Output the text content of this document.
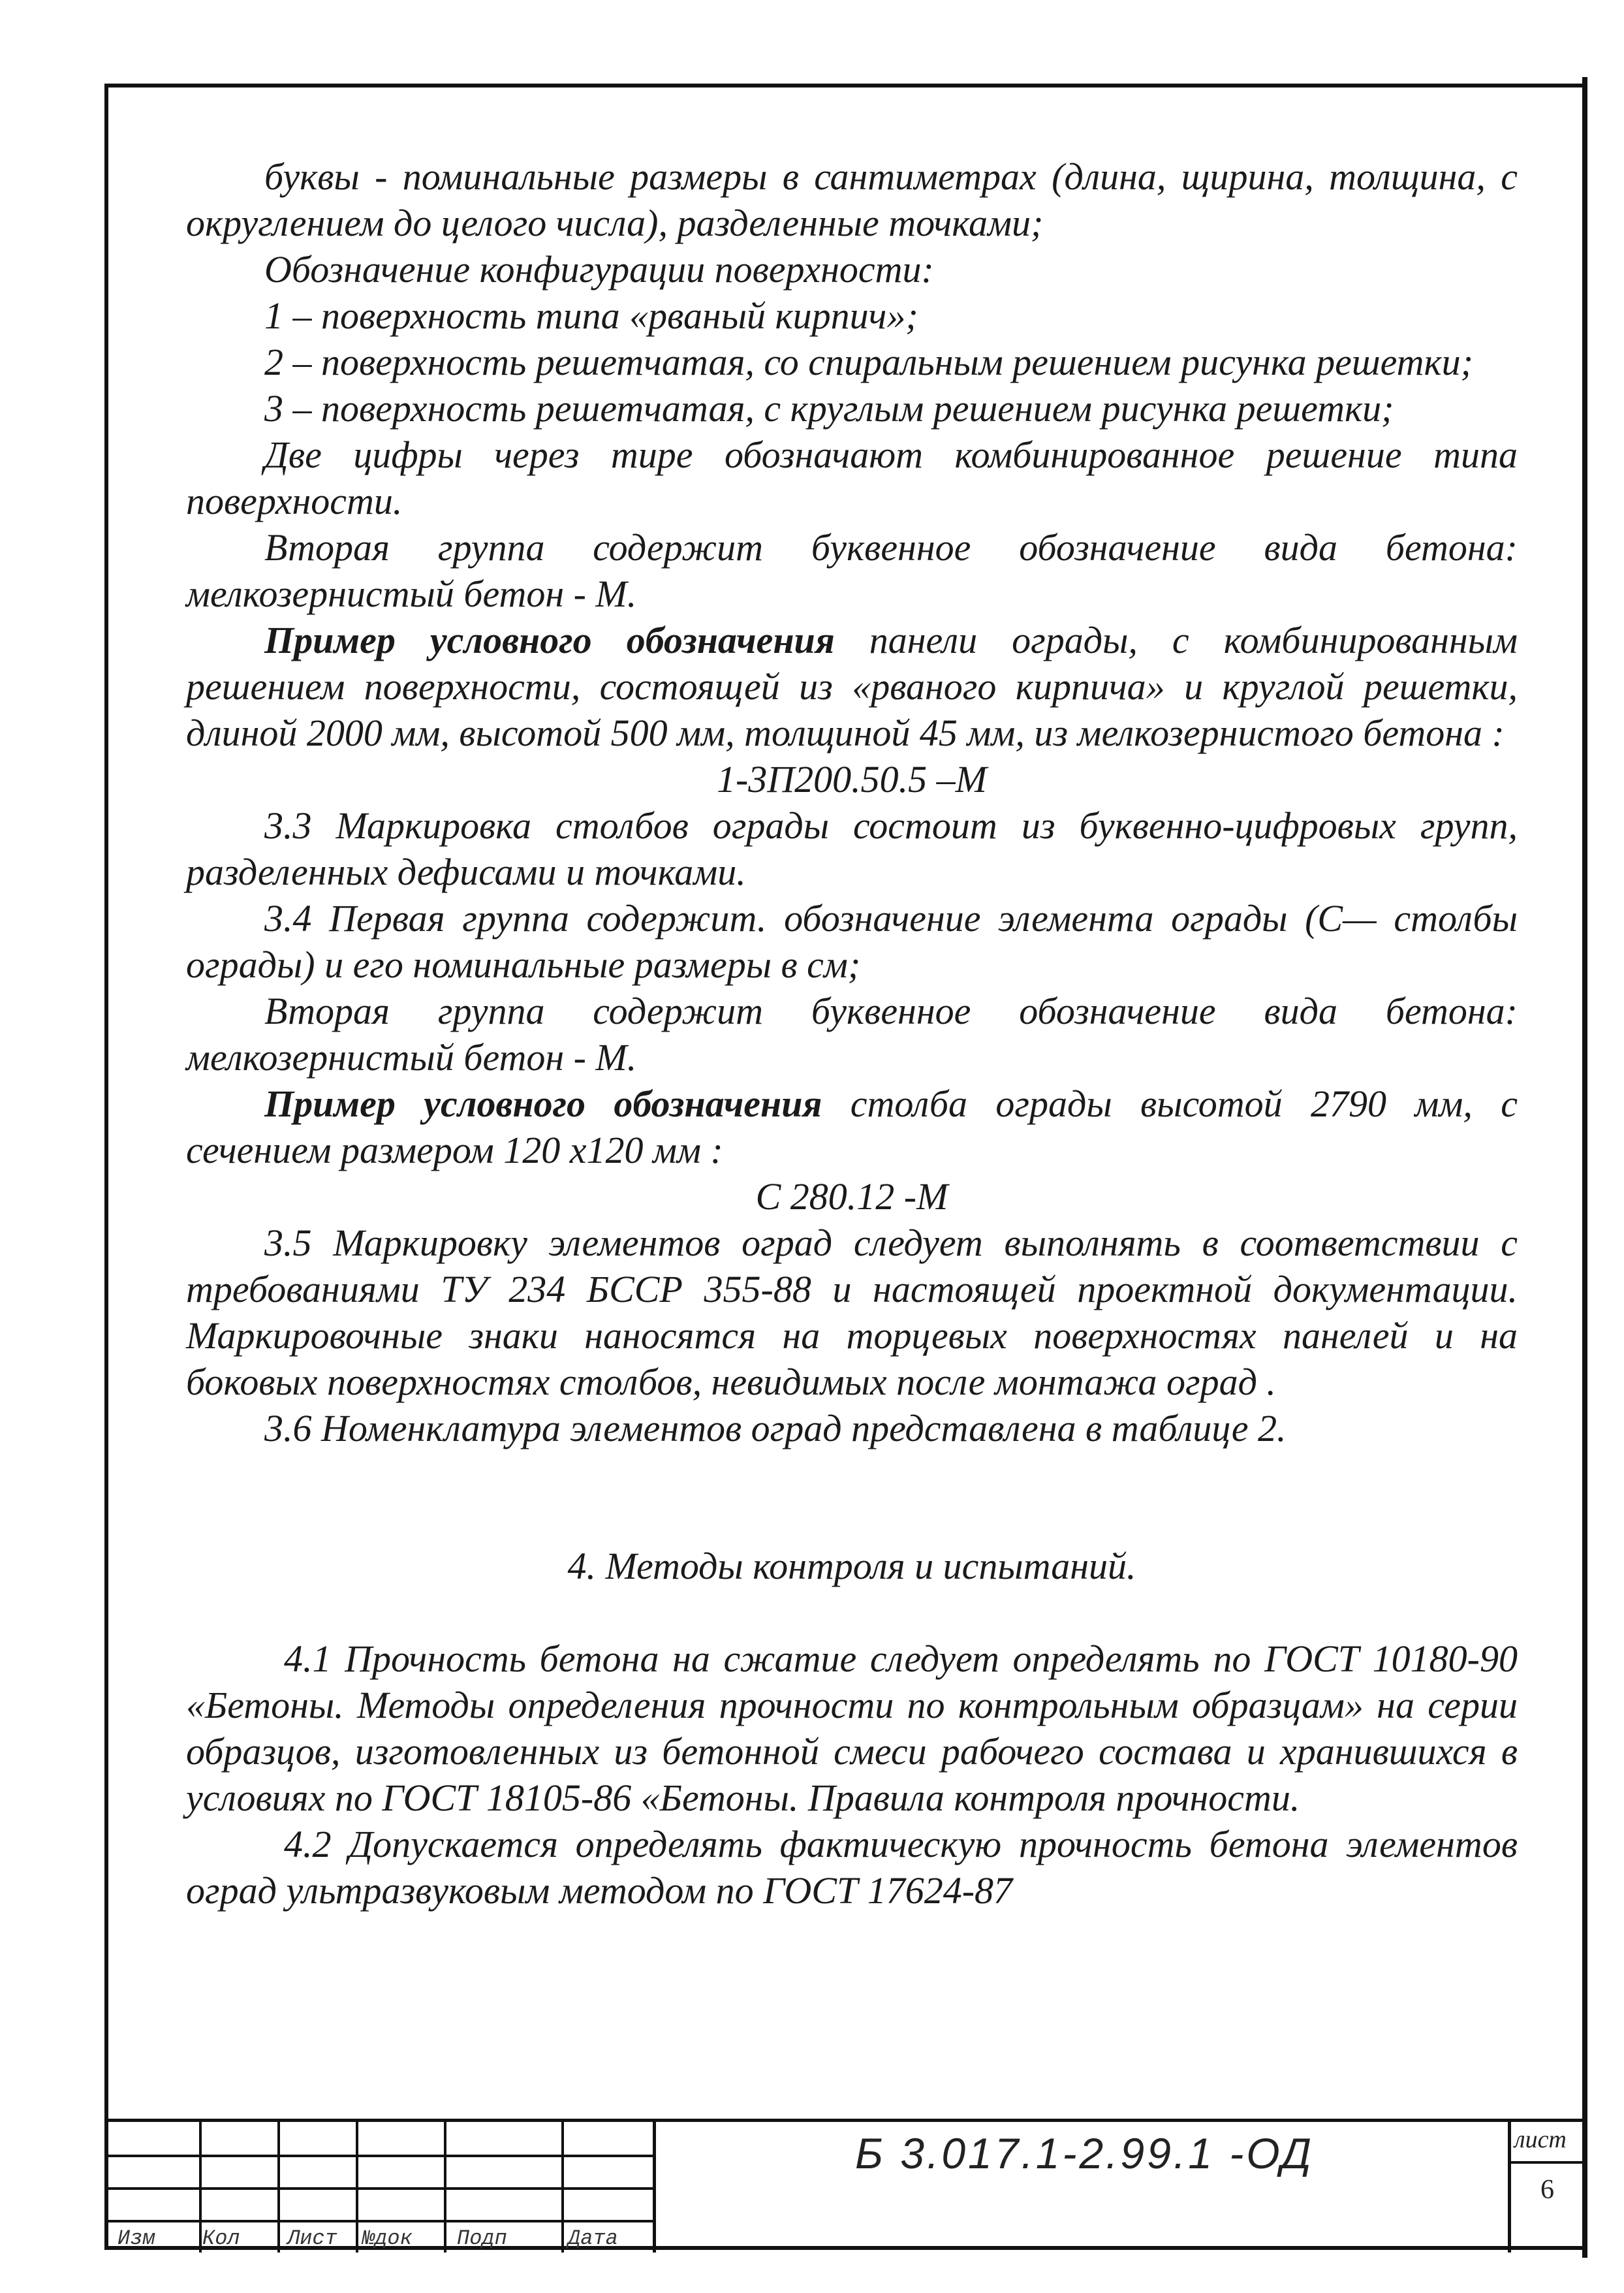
буквы - поминальные размеры в сантиметрах (длина, щирина, толщина, с округлением до целого числа), разделенные точками;

Обозначение конфигурации поверхности:

1 – поверхность типа «рваный кирпич»;

2 – поверхность решетчатая, со спиральным решением рисунка решетки;

3 – поверхность решетчатая, с круглым решением рисунка решетки;

Две цифры через тире обозначают комбинированное решение типа поверхности.

Вторая группа содержит буквенное обозначение вида бетона: мелкозернистый бетон - М.

Пример условного обозначения панели ограды, с комбинированным решением поверхности, состоящей из «рваного кирпича» и круглой решетки, длиной 2000 мм, высотой 500 мм, толщиной 45 мм, из мелкозернистого бетона :

1-3П200.50.5 –М

3.3 Маркировка столбов ограды состоит из буквенно-цифровых групп, разделенных дефисами и точками.

3.4 Первая группа содержит. обозначение элемента ограды (С— столбы ограды) и его номинальные размеры в см;

Вторая группа содержит буквенное обозначение вида бетона: мелкозернистый бетон - М.

Пример условного обозначения столба ограды высотой 2790 мм, с сечением размером 120 х120 мм :

С 280.12 -М

3.5 Маркировку элементов оград следует выполнять в соответствии с требованиями ТУ 234 БССР 355-88 и настоящей проектной документации. Маркировочные знаки наносятся на торцевых поверхностях панелей и на боковых поверхностях столбов, невидимых после монтажа оград .

3.6 Номенклатура элементов оград представлена в таблице 2.

4. Методы контроля и испытаний.

4.1 Прочность бетона на сжатие следует определять по ГОСТ 10180-90 «Бетоны. Методы определения прочности по контрольным образцам» на серии образцов, изготовленных из бетонной смеси рабочего состава и хранившихся в условиях по ГОСТ 18105-86 «Бетоны. Правила контроля прочности.

4.2 Допускается определять фактическую прочность бетона элементов оград ультразвуковым методом по ГОСТ 17624-87

Изм Кол Лист №док Подп	Дата
Б 3.017.1-2.99.1 -ОД	лист
6
